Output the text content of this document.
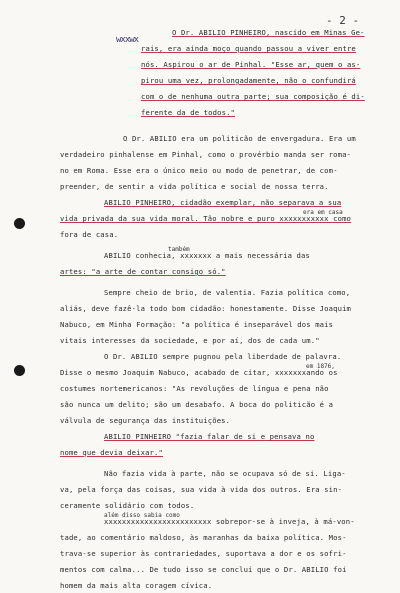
- 2 -
wxxwx
O Dr. ABILIO PINHEIRO, nascido em Minas Ge-
rais, era ainda moço quando passou a viver entre
nós. Aspirou o ar de Pinhal. "Esse ar, quem o as-
pirou uma vez, prolongadamente, não o confundirá
com o de nenhuma outra parte; sua composição é di-
ferente da de todos."
O Dr. ABILIO era um politicão de envergadura. Era um
verdadeiro pinhalense em Pinhal, como o provérbio manda ser roma-
no em Roma. Esse era o único meio ou modo de penetrar, de com-
preender, de sentir a vida política e social de nossa terra.
ABILIO PINHEIRO, cidadão exemplar, não separava a sua
vida privada da sua vida moral. Tão nobre e puro xxxxxxxxxxx como
fora de casa.
ABILIO conhecia, xxxxxxx a mais necessária das
artes: "a arte de contar consigo só."
Sempre cheio de brio, de valentia. Fazia política como,
aliás, deve fazê-la todo bom cidadão: honestamente. Disse Joaquim
Nabuco, em Minha Formação: "a política é inseparável dos mais
vitais interesses da sociedade, e por aí, dos de cada um."
O Dr. ABILIO sempre pugnou pela liberdade de palavra.
Disse o mesmo Joaquim Nabuco, acabado de citar, xxxxxxxando os
costumes nortemericanos: "As revoluções de língua e pena não
são nunca um delito; são um desabafo. A boca do politicão é a
válvula de segurança das instituições.
ABILIO PINHEIRO "fazia falar de si e pensava no
nome que devia deixar."
Não fazia vida à parte, não se ocupava só de si. Liga-
va, pela força das coisas, sua vida à vida dos outros. Era sin-
ceramente solidário com todos.
xxxxxxxxxxxxxxxxxxxxxxxx sobrepor-se à inveja, à má-von-
tade, ao comentário maldoso, às maranhas da baixa política. Mos-
trava-se superior às contrariedades, suportava a dor e os sofri-
mentos com calma... De tudo isso se concluí que o Dr. ABILIO foi
homem da mais alta coragem cívica.
era em casa
também
em 1876,
além disso sabia como
